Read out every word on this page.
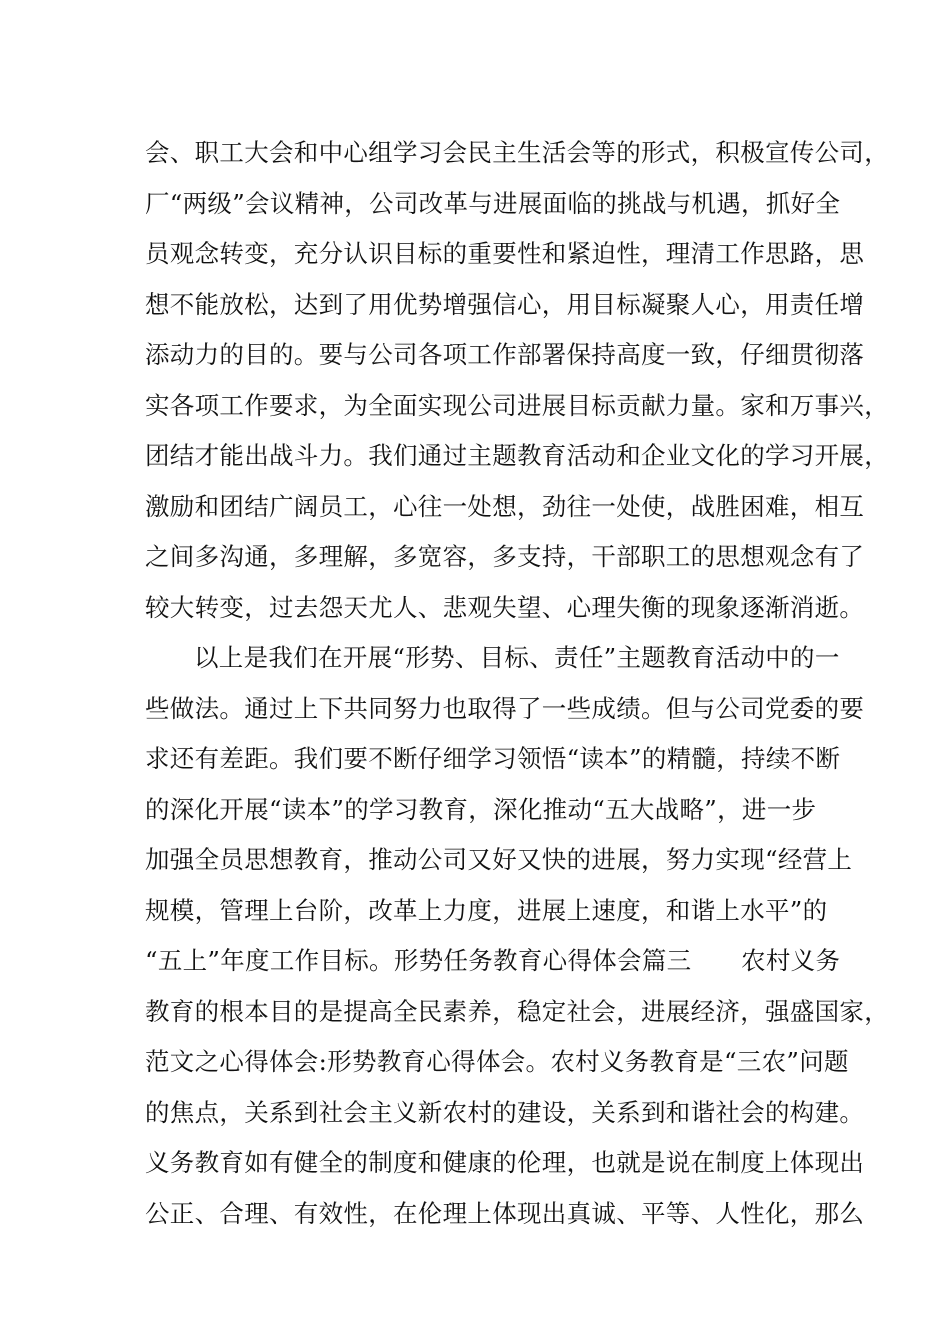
会、职工大会和中心组学习会民主生活会等的形式，积极宣传公司，
厂“两级”会议精神，公司改革与进展面临的挑战与机遇，抓好全
员观念转变，充分认识目标的重要性和紧迫性，理清工作思路，思
想不能放松，达到了用优势增强信心，用目标凝聚人心，用责任增
添动力的目的。要与公司各项工作部署保持高度一致，仔细贯彻落
实各项工作要求，为全面实现公司进展目标贡献力量。家和万事兴，
团结才能出战斗力。我们通过主题教育活动和企业文化的学习开展，
激励和团结广阔员工，心往一处想，劲往一处使，战胜困难，相互
之间多沟通，多理解，多宽容，多支持，干部职工的思想观念有了
较大转变，过去怨天尤人、悲观失望、心理失衡的现象逐渐消逝。
以上是我们在开展“形势、目标、责任”主题教育活动中的一
些做法。通过上下共同努力也取得了一些成绩。但与公司党委的要
求还有差距。我们要不断仔细学习领悟“读本”的精髓，持续不断
的深化开展“读本”的学习教育，深化推动“五大战略”，进一步
加强全员思想教育，推动公司又好又快的进展，努力实现“经营上
规模，管理上台阶，改革上力度，进展上速度，和谐上水平”的
“五上”年度工作目标。形势任务教育心得体会篇三　　农村义务
教育的根本目的是提高全民素养，稳定社会，进展经济，强盛国家，
范文之心得体会:形势教育心得体会。农村义务教育是“三农”问题
的焦点，关系到社会主义新农村的建设，关系到和谐社会的构建。
义务教育如有健全的制度和健康的伦理，也就是说在制度上体现出
公正、合理、有效性，在伦理上体现出真诚、平等、人性化，那么
